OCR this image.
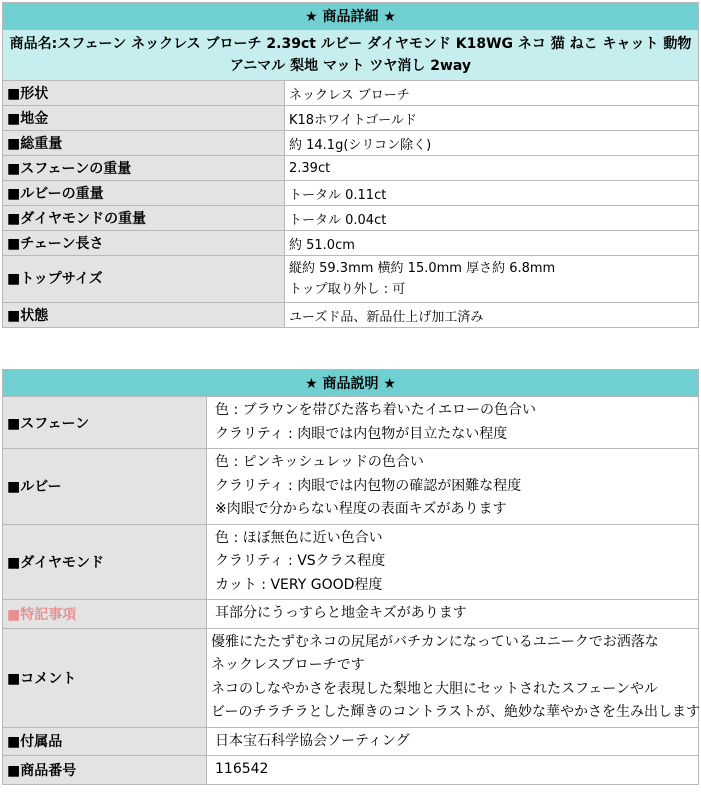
★ 商品詳細 ★	
商品名:スフェーン ネックレス ブローチ 2.39ct ルビー ダイヤモンド K18WG ネコ 猫 ねこ キャット 動物 アニマル 梨地 マット ツヤ消し 2way	
■形状	ネックレス ブローチ
■地金	K18ホワイトゴールド
■総重量	約 14.1g(シリコン除く)
■スフェーンの重量	2.39ct
■ルビーの重量	トータル 0.11ct
■ダイヤモンドの重量	トータル 0.04ct
■チェーン長さ	約 51.0cm
■トップサイズ	縦約 59.3mm 横約 15.0mm 厚さ約 6.8mm
トップ取り外し : 可

■状態	ユーズド品、新品仕上げ加工済み
★ 商品説明 ★	
■スフェーン	色 : ブラウンを帯びた落ち着いたイエローの色合い
クラリティ : 肉眼では内包物が目立たない程度

■ルビー	色 : ピンキッシュレッドの色合い
クラリティ : 肉眼では内包物の確認が困難な程度
※肉眼で分からない程度の表面キズがあります

■ダイヤモンド	色 : ほぼ無色に近い色合い
クラリティ : VSクラス程度
カット : VERY GOOD程度

■特記事項	耳部分にうっすらと地金キズがあります
■コメント	優雅にたたずむネコの尻尾がバチカンになっているユニークでお洒落な
ネックレスブローチです
ネコのしなやかさを表現した梨地と大胆にセットされたスフェーンやル
ビーのチラチラとした輝きのコントラストが、絶妙な華やかさを生み出します

■付属品	日本宝石科学協会ソーティング
■商品番号	116542
